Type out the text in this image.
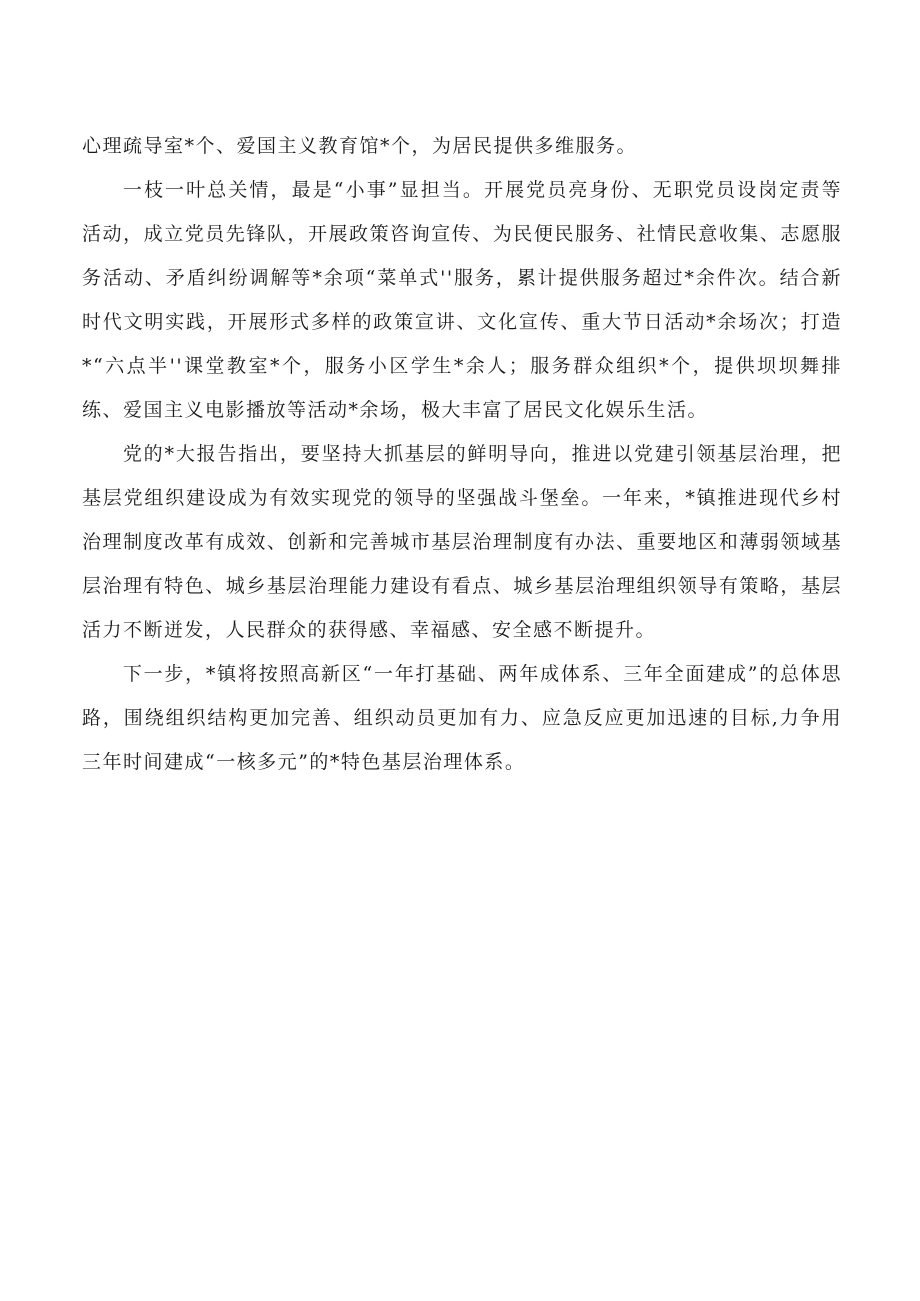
心理疏导室*个、爱国主义教育馆*个，为居民提供多维服务。

一枝一叶总关情，最是“小事”显担当。开展党员亮身份、无职党员设岗定责等活动，成立党员先锋队，开展政策咨询宣传、为民便民服务、社情民意收集、志愿服务活动、矛盾纠纷调解等*余项“菜单式''服务，累计提供服务超过*余件次。结合新时代文明实践，开展形式多样的政策宣讲、文化宣传、重大节日活动*余场次；打造*“六点半''课堂教室*个，服务小区学生*余人；服务群众组织*个，提供坝坝舞排练、爱国主义电影播放等活动*余场，极大丰富了居民文化娱乐生活。

党的*大报告指出，要坚持大抓基层的鲜明导向，推进以党建引领基层治理，把基层党组织建设成为有效实现党的领导的坚强战斗堡垒。一年来，*镇推进现代乡村治理制度改革有成效、创新和完善城市基层治理制度有办法、重要地区和薄弱领域基层治理有特色、城乡基层治理能力建设有看点、城乡基层治理组织领导有策略，基层活力不断迸发，人民群众的获得感、幸福感、安全感不断提升。

下一步，*镇将按照高新区“一年打基础、两年成体系、三年全面建成”的总体思路，围绕组织结构更加完善、组织动员更加有力、应急反应更加迅速的目标,力争用三年时间建成“一核多元”的*特色基层治理体系。
